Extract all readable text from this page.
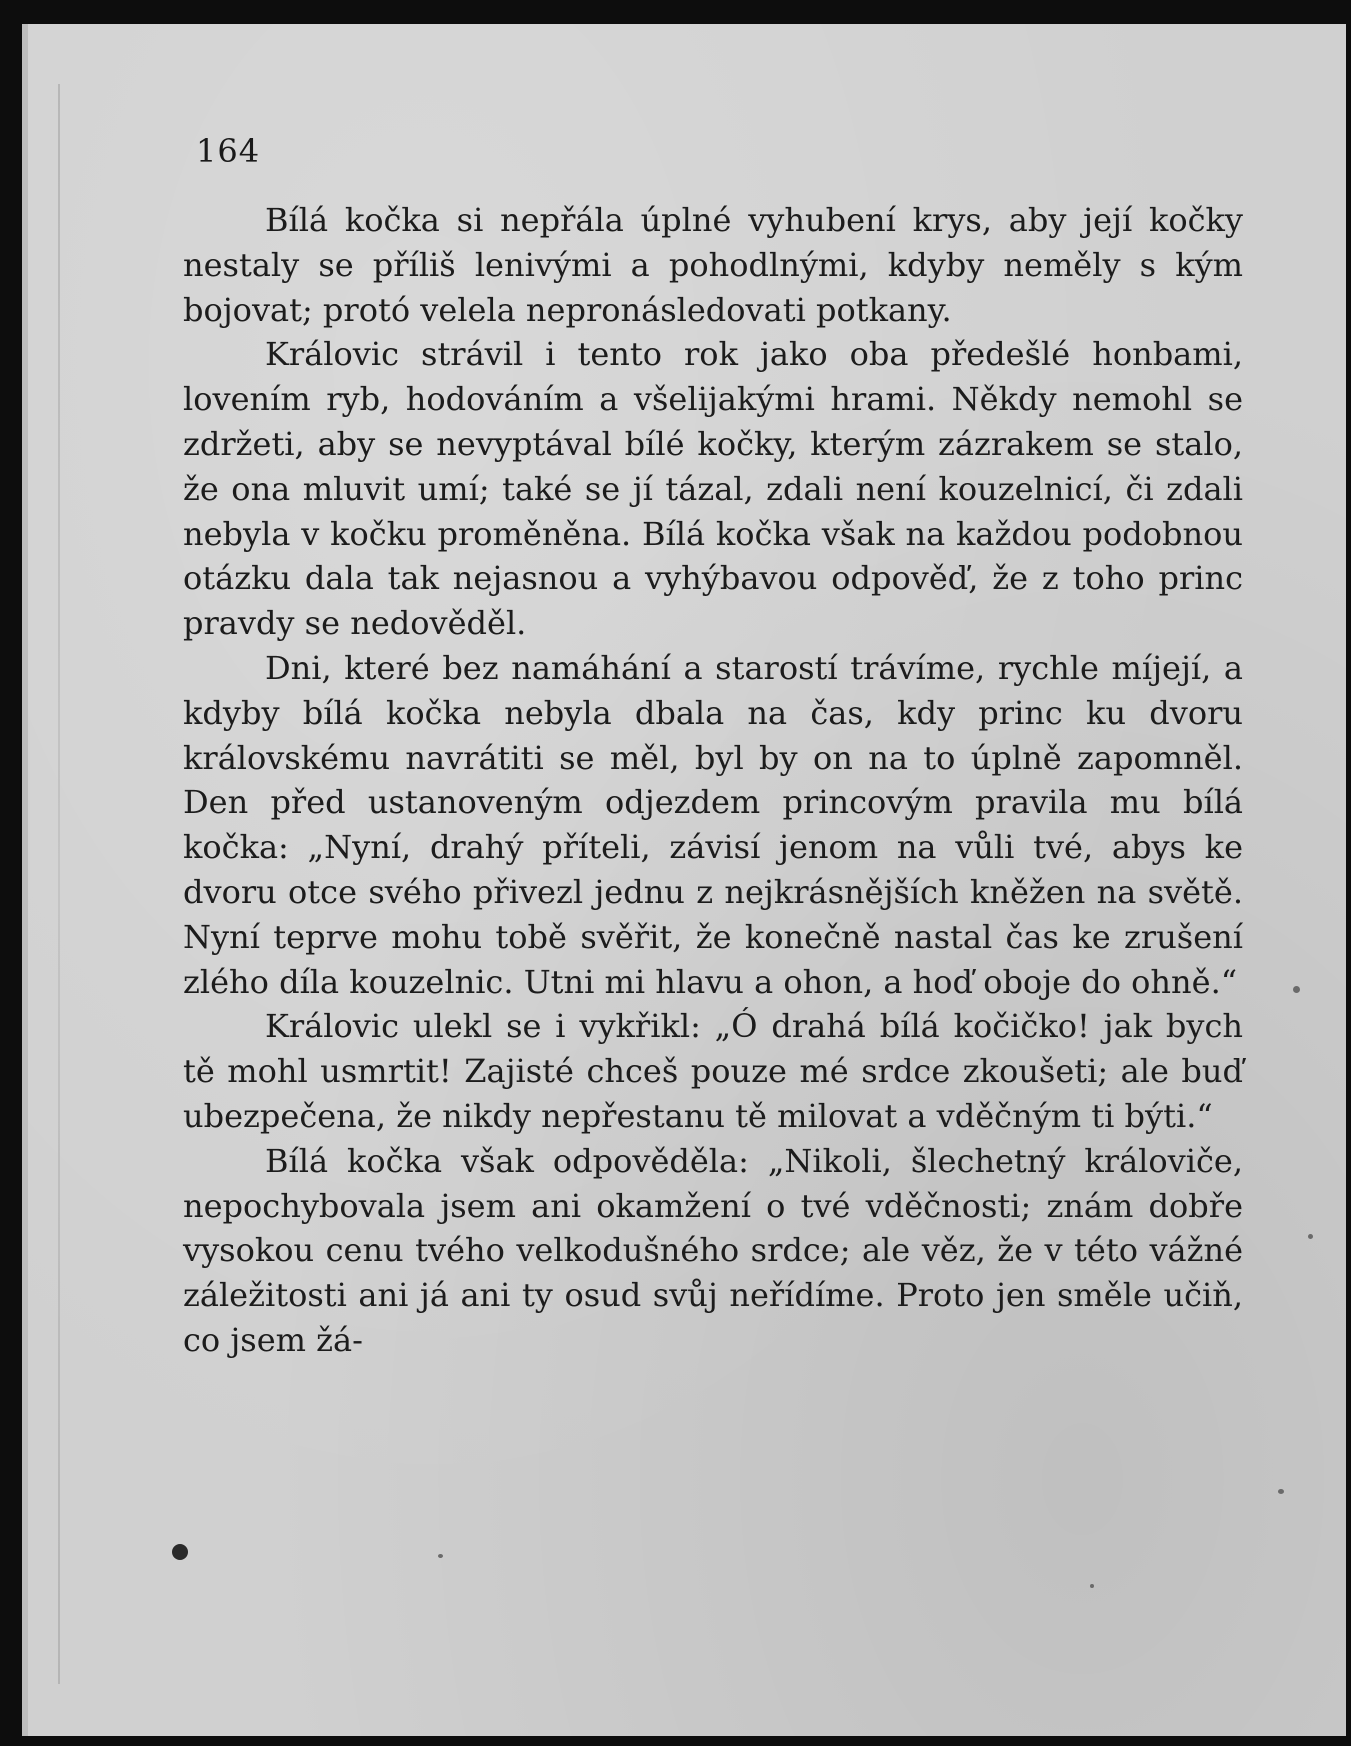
164

Bílá kočka si nepřála úplné vyhubení krys, aby její kočky nestaly se příliš lenivými a pohodlnými, kdyby neměly s kým bojovat; protó velela nepronásledovati potkany.

Královic strávil i tento rok jako oba předešlé honbami, lovením ryb, hodováním a všelijakými hrami. Někdy nemohl se zdržeti, aby se nevyptával bílé kočky, kterým zázrakem se stalo, že ona mluvit umí; také se jí tázal, zdali není kouzelnicí, či zdali nebyla v kočku proměněna. Bílá kočka však na každou podobnou otázku dala tak nejasnou a vyhýbavou odpověď, že z toho princ pravdy se nedověděl.

Dni, které bez namáhání a starostí trávíme, rychle míjejí, a kdyby bílá kočka nebyla dbala na čas, kdy princ ku dvoru královskému navrátiti se měl, byl by on na to úplně zapomněl. Den před ustanoveným odjezdem princovým pravila mu bílá kočka: „Nyní, drahý příteli, závisí jenom na vůli tvé, abys ke dvoru otce svého přivezl jednu z nejkrásnějších kněžen na světě. Nyní teprve mohu tobě svěřit, že konečně nastal čas ke zrušení zlého díla kouzelnic. Utni mi hlavu a ohon, a hoď oboje do ohně.“

Královic ulekl se i vykřikl: „Ó drahá bílá kočičko! jak bych tě mohl usmrtit! Zajisté chceš pouze mé srdce zkoušeti; ale buď ubezpečena, že nikdy nepřestanu tě milovat a vděčným ti býti.“

Bílá kočka však odpověděla: „Nikoli, šlechetný královiče, nepochybovala jsem ani okamžení o tvé vděčnosti; znám dobře vysokou cenu tvého velkodušného srdce; ale věz, že v této vážné záležitosti ani já ani ty osud svůj neřídíme. Proto jen směle učiň, co jsem žá-
